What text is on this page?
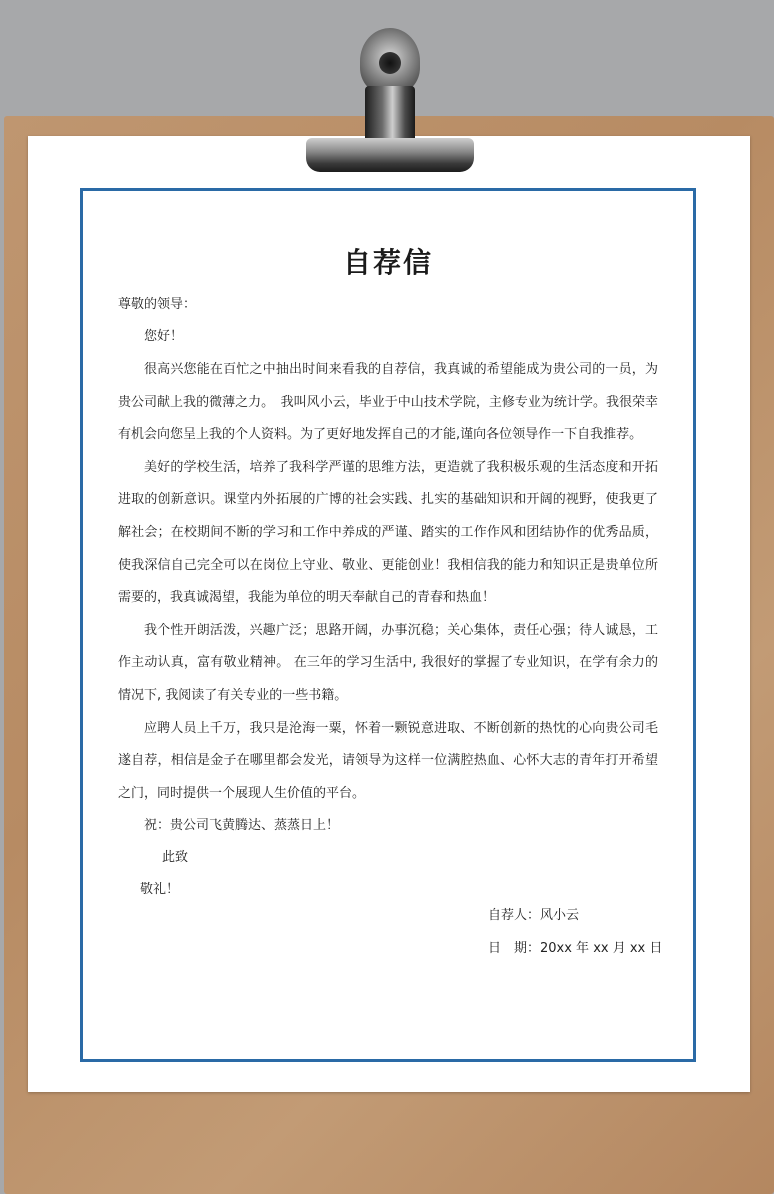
自荐信

尊敬的领导：

您好！

很高兴您能在百忙之中抽出时间来看我的自荐信，我真诚的希望能成为贵公司的一员，为贵公司献上我的微薄之力。　我叫风小云，毕业于中山技术学院，主修专业为统计学。我很荣幸有机会向您呈上我的个人资料。为了更好地发挥自己的才能,谨向各位领导作一下自我推荐。

美好的学校生活，培养了我科学严谨的思维方法，更造就了我积极乐观的生活态度和开拓进取的创新意识。课堂内外拓展的广博的社会实践、扎实的基础知识和开阔的视野，使我更了解社会；在校期间不断的学习和工作中养成的严谨、踏实的工作作风和团结协作的优秀品质，使我深信自己完全可以在岗位上守业、敬业、更能创业！我相信我的能力和知识正是贵单位所需要的，我真诚渴望，我能为单位的明天奉献自己的青春和热血！

我个性开朗活泼，兴趣广泛；思路开阔，办事沉稳；关心集体，责任心强；待人诚恳，工作主动认真，富有敬业精神。 在三年的学习生活中, 我很好的掌握了专业知识，在学有余力的情况下, 我阅读了有关专业的一些书籍。

应聘人员上千万，我只是沧海一粟，怀着一颗锐意进取、不断创新的热忱的心向贵公司毛遂自荐，相信是金子在哪里都会发光，请领导为这样一位满腔热血、心怀大志的青年打开希望之门，同时提供一个展现人生价值的平台。

祝：贵公司飞黄腾达、蒸蒸日上！

此致

敬礼！

自荐人：风小云
日　期：20xx 年 xx 月 xx 日
